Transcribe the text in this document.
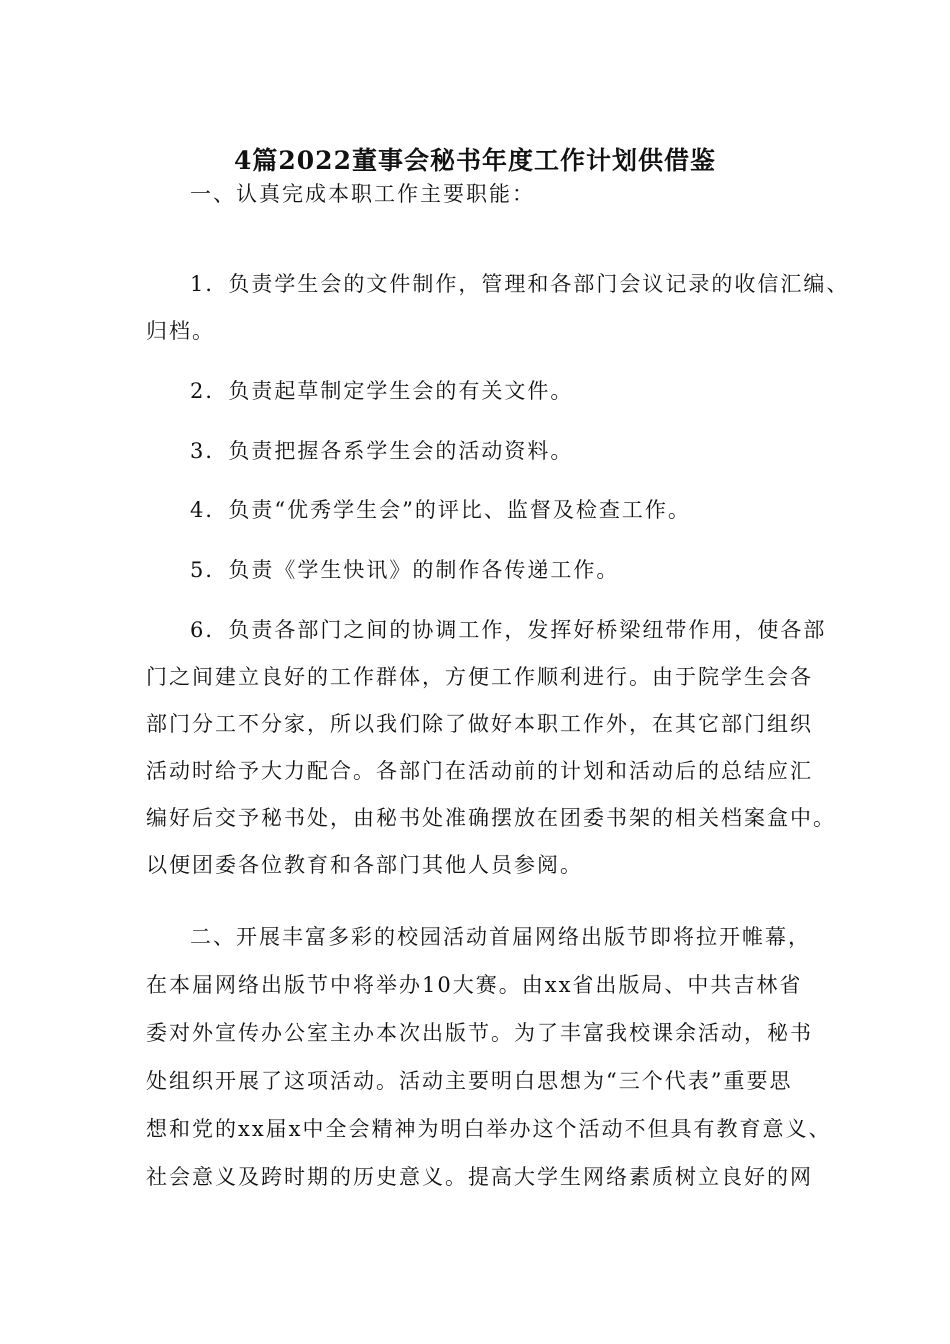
4篇2022董事会秘书年度工作计划供借鉴
一、认真完成本职工作主要职能：
1．负责学生会的文件制作，管理和各部门会议记录的收信汇编、
归档。
2．负责起草制定学生会的有关文件。
3．负责把握各系学生会的活动资料。
4．负责“优秀学生会”的评比、监督及检查工作。
5．负责《学生快讯》的制作各传递工作。
6．负责各部门之间的协调工作，发挥好桥梁纽带作用，使各部
门之间建立良好的工作群体，方便工作顺利进行。由于院学生会各
部门分工不分家，所以我们除了做好本职工作外，在其它部门组织
活动时给予大力配合。各部门在活动前的计划和活动后的总结应汇
编好后交予秘书处，由秘书处准确摆放在团委书架的相关档案盒中。
以便团委各位教育和各部门其他人员参阅。
二、开展丰富多彩的校园活动首届网络出版节即将拉开帷幕，
在本届网络出版节中将举办10大赛。由xx省出版局、中共吉林省
委对外宣传办公室主办本次出版节。为了丰富我校课余活动，秘书
处组织开展了这项活动。活动主要明白思想为“三个代表”重要思
想和党的xx届x中全会精神为明白举办这个活动不但具有教育意义、
社会意义及跨时期的历史意义。提高大学生网络素质树立良好的网
